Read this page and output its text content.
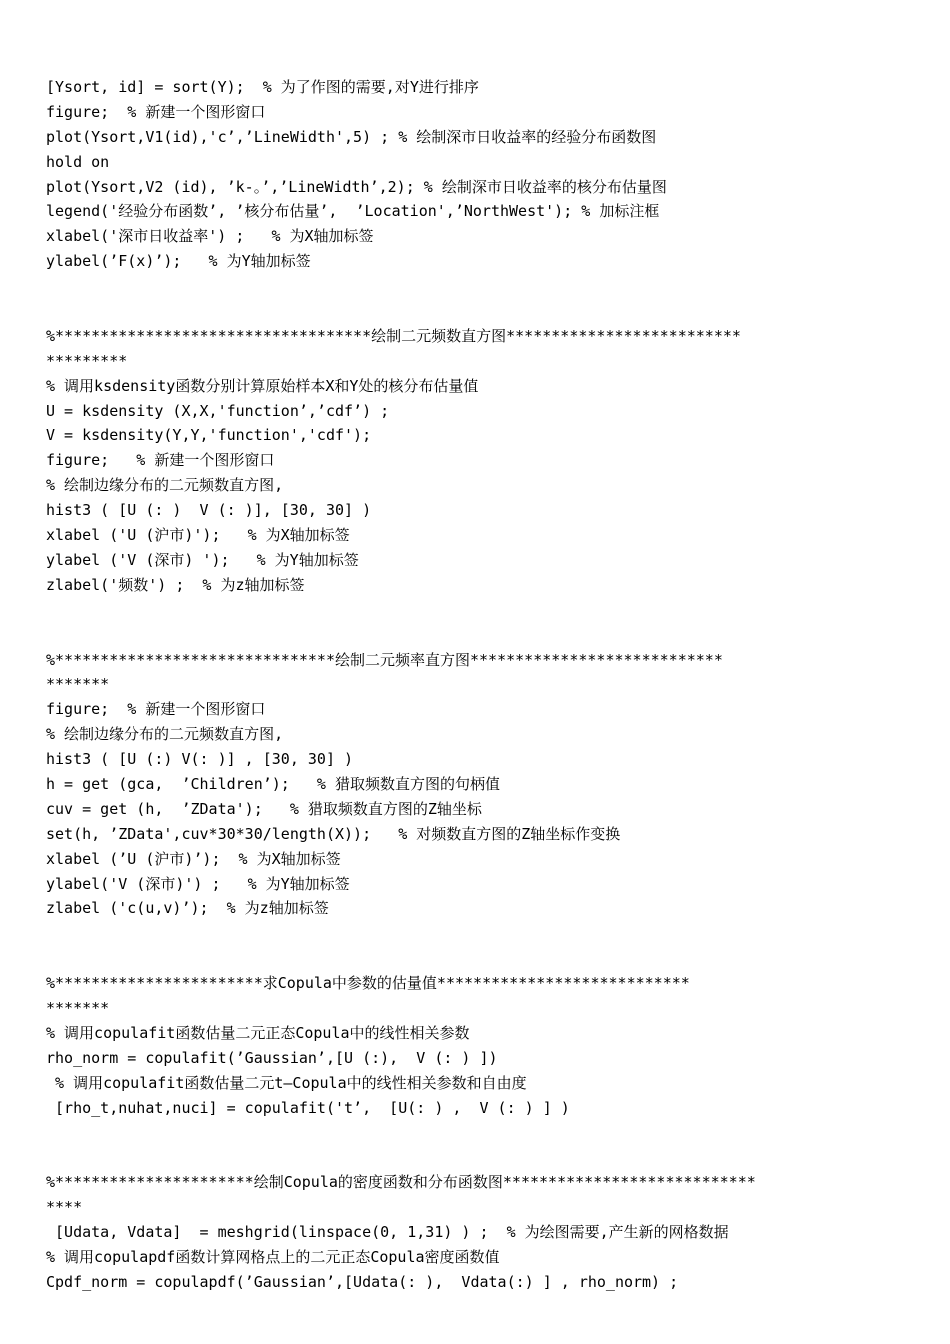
[Ysort, id] = sort(Y);  % 为了作图的需要,对Y进行排序
figure;  % 新建一个图形窗口
plot(Ysort,V1(id),'c’,’LineWidth',5) ; % 绘制深市日收益率的经验分布函数图
hold on
plot(Ysort,V2 (id), ’k-。’,’LineWidth’,2); % 绘制深市日收益率的核分布估量图
legend('经验分布函数’, ’核分布估量’,  ’Location',’NorthWest'); % 加标注框
xlabel('深市日收益率') ;   % 为X轴加标签
ylabel(’F(x)’);   % 为Y轴加标签
%***********************************绘制二元频数直方图**************************
*********
% 调用ksdensity函数分别计算原始样本X和Y处的核分布估量值
U = ksdensity (X,X,'function’,’cdf’) ;
V = ksdensity(Y,Y,'function','cdf');
figure;   % 新建一个图形窗口
% 绘制边缘分布的二元频数直方图,
hist3 ( [U (: )  V (: )], [30, 30] )
xlabel ('U (沪市)');   % 为X轴加标签
ylabel ('V (深市) ');   % 为Y轴加标签
zlabel('频数') ;  % 为z轴加标签
%*******************************绘制二元频率直方图****************************
*******
figure;  % 新建一个图形窗口
% 绘制边缘分布的二元频数直方图,
hist3 ( [U (:) V(: )] , [30, 30] )
h = get (gca,  ’Children’);   % 猎取频数直方图的句柄值
cuv = get (h,  ’ZData');   % 猎取频数直方图的Z轴坐标
set(h, ’ZData',cuv*30*30/length(X));   % 对频数直方图的Z轴坐标作变换
xlabel (’U (沪市)’);  % 为X轴加标签
ylabel('V (深市)') ;   % 为Y轴加标签
zlabel ('c(u,v)’);  % 为z轴加标签
%***********************求Copula中参数的估量值****************************
*******
% 调用copulafit函数估量二元正态Copula中的线性相关参数
rho_norm = copulafit(’Gaussian’,[U (:),  V (: ) ])
% 调用copulafit函数估量二元t—Copula中的线性相关参数和自由度
[rho_t,nuhat,nuci] = copulafit('t’,  [U(: ) ,  V (: ) ] )
%**********************绘制Copula的密度函数和分布函数图****************************
****
[Udata, Vdata]  = meshgrid(linspace(0, 1,31) ) ;  % 为绘图需要,产生新的网格数据
% 调用copulapdf函数计算网格点上的二元正态Copula密度函数值
Cpdf_norm = copulapdf(’Gaussian’,[Udata(: ),  Vdata(:) ] , rho_norm) ;
